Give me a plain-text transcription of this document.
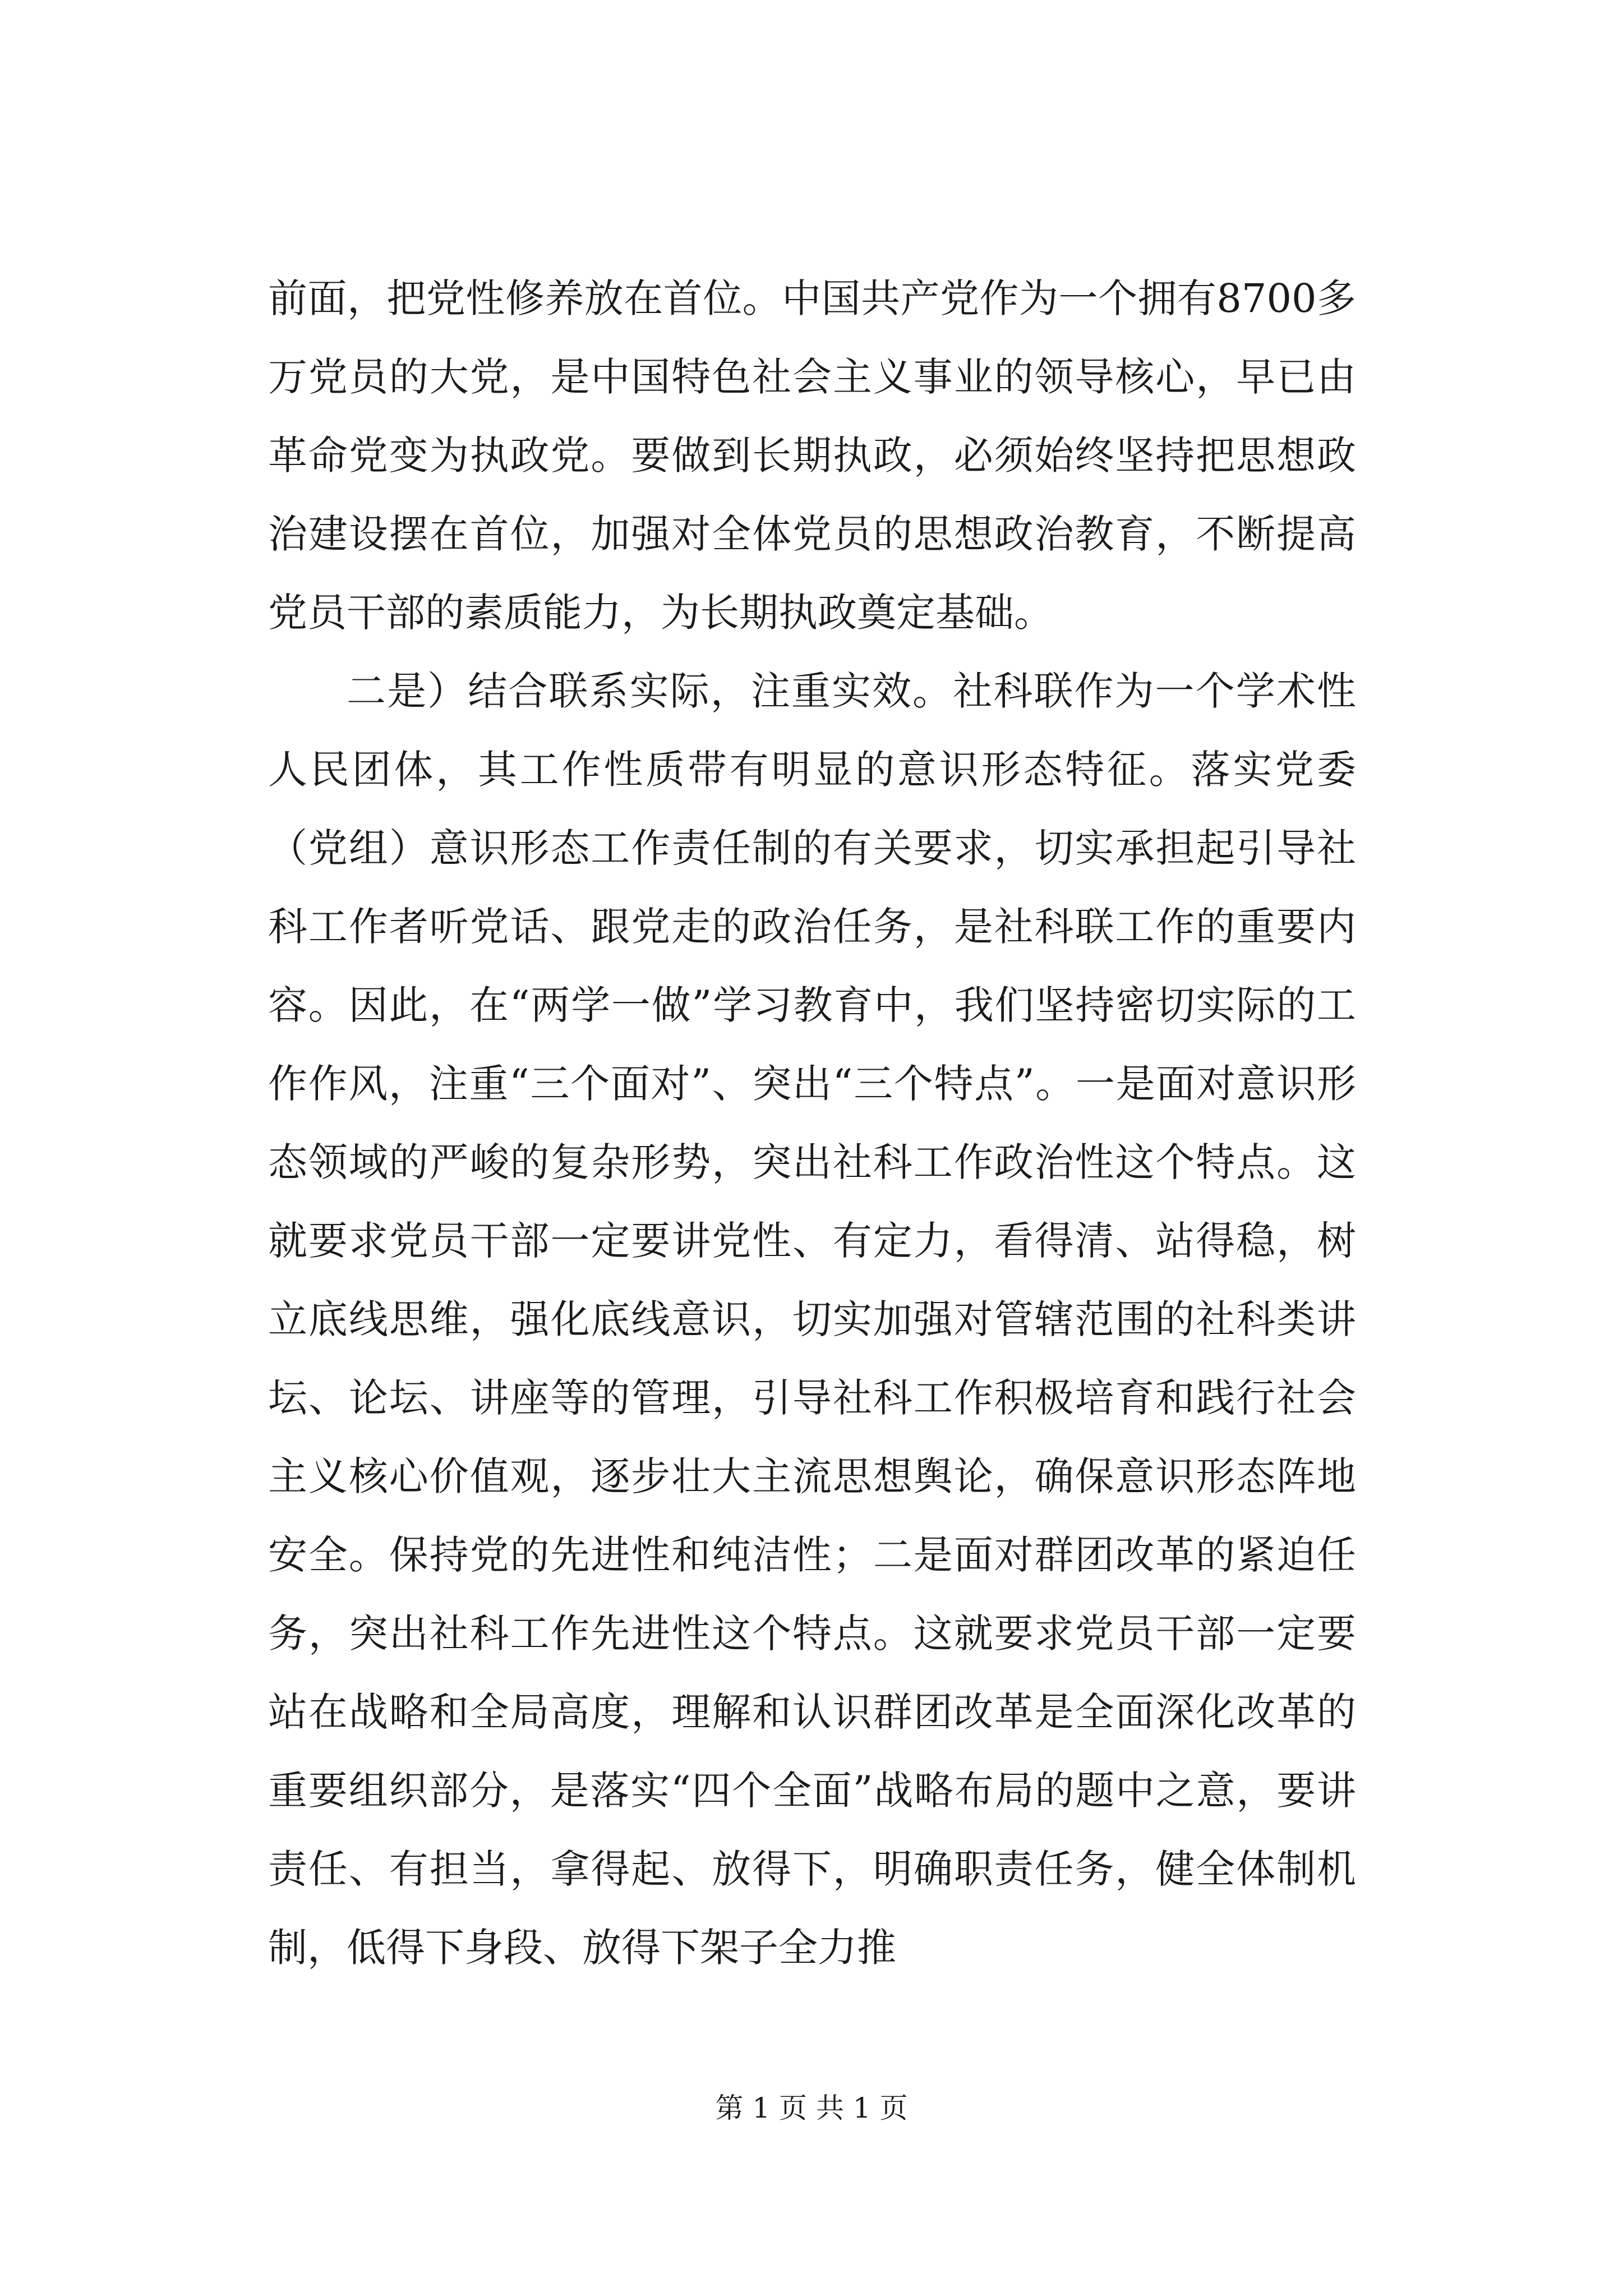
前面，把党性修养放在首位。中国共产党作为一个拥有8700多万党员的大党，是中国特色社会主义事业的领导核心，早已由革命党变为执政党。要做到长期执政，必须始终坚持把思想政治建设摆在首位，加强对全体党员的思想政治教育，不断提高党员干部的素质能力，为长期执政奠定基础。

二是）结合联系实际，注重实效。社科联作为一个学术性人民团体，其工作性质带有明显的意识形态特征。落实党委（党组）意识形态工作责任制的有关要求，切实承担起引导社科工作者听党话、跟党走的政治任务，是社科联工作的重要内容。因此，在“两学一做”学习教育中，我们坚持密切实际的工作作风，注重“三个面对”、突出“三个特点”。一是面对意识形态领域的严峻的复杂形势，突出社科工作政治性这个特点。这就要求党员干部一定要讲党性、有定力，看得清、站得稳，树立底线思维，强化底线意识，切实加强对管辖范围的社科类讲坛、论坛、讲座等的管理，引导社科工作积极培育和践行社会主义核心价值观，逐步壮大主流思想舆论，确保意识形态阵地安全。保持党的先进性和纯洁性；二是面对群团改革的紧迫任务，突出社科工作先进性这个特点。这就要求党员干部一定要站在战略和全局高度，理解和认识群团改革是全面深化改革的重要组织部分，是落实“四个全面”战略布局的题中之意，要讲责任、有担当，拿得起、放得下，明确职责任务，健全体制机制，低得下身段、放得下架子全力推

第 1 页 共 1 页
